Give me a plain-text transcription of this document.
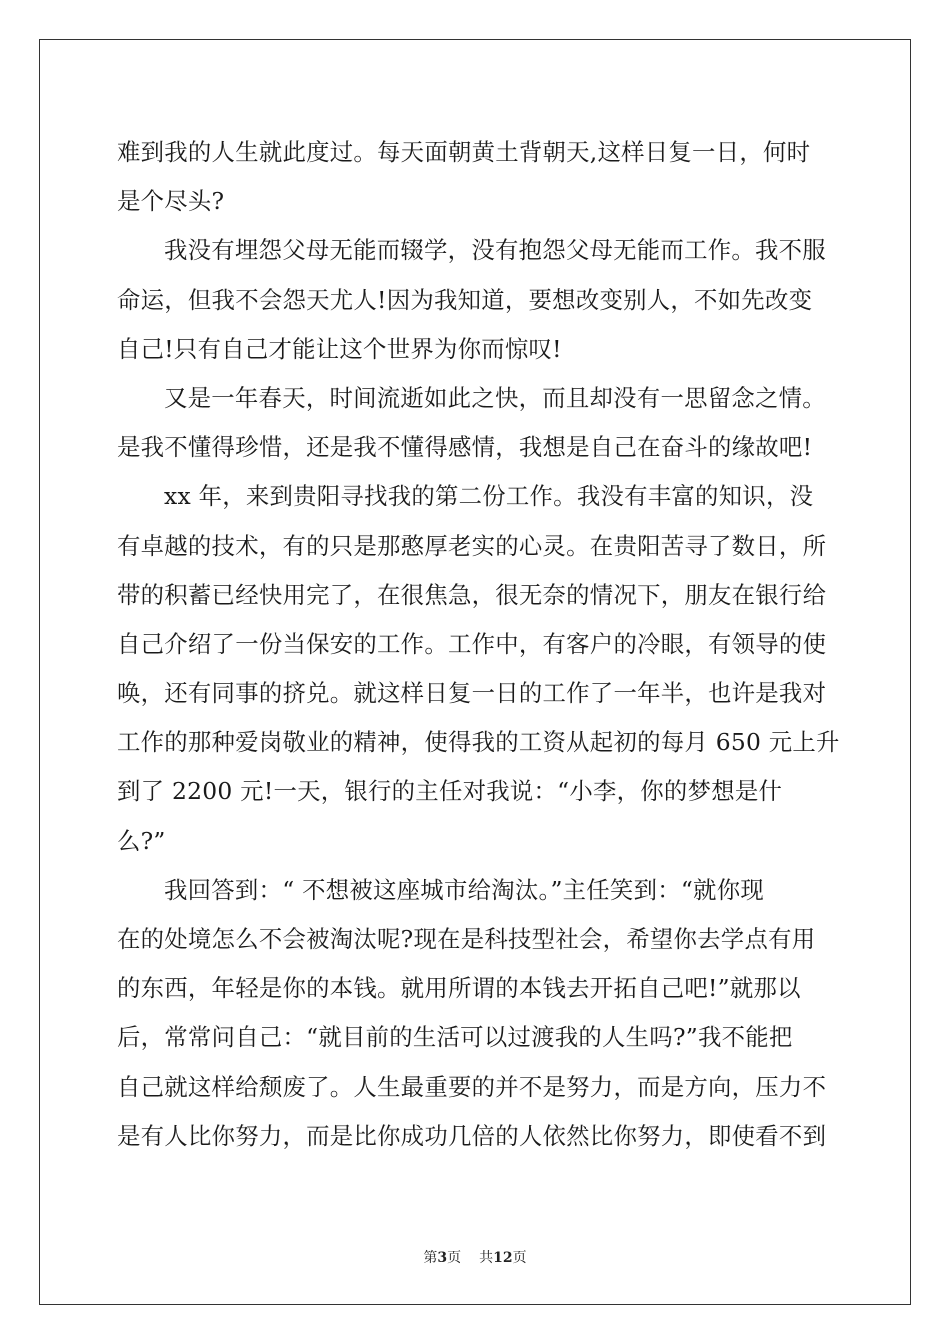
难到我的人生就此度过。每天面朝黄土背朝天,这样日复一日，何时
是个尽头?
我没有埋怨父母无能而辍学，没有抱怨父母无能而工作。我不服
命运，但我不会怨天尤人!因为我知道，要想改变别人，不如先改变
自己!只有自己才能让这个世界为你而惊叹!
又是一年春天，时间流逝如此之快，而且却没有一思留念之情。
是我不懂得珍惜，还是我不懂得感情，我想是自己在奋斗的缘故吧!
xx 年，来到贵阳寻找我的第二份工作。我没有丰富的知识，没
有卓越的技术，有的只是那憨厚老实的心灵。在贵阳苦寻了数日，所
带的积蓄已经快用完了，在很焦急，很无奈的情况下，朋友在银行给
自己介绍了一份当保安的工作。工作中，有客户的冷眼，有领导的使
唤，还有同事的挤兑。就这样日复一日的工作了一年半，也许是我对
工作的那种爱岗敬业的精神，使得我的工资从起初的每月 650 元上升
到了 2200 元!一天，银行的主任对我说：“小李，你的梦想是什
么?”
我回答到：“ 不想被这座城市给淘汰。”主任笑到：“就你现
在的处境怎么不会被淘汰呢?现在是科技型社会，希望你去学点有用
的东西，年轻是你的本钱。就用所谓的本钱去开拓自己吧!”就那以
后，常常问自己：“就目前的生活可以过渡我的人生吗?”我不能把
自己就这样给颓废了。人生最重要的并不是努力，而是方向，压力不
是有人比你努力，而是比你成功几倍的人依然比你努力，即使看不到
第3页 共12页
